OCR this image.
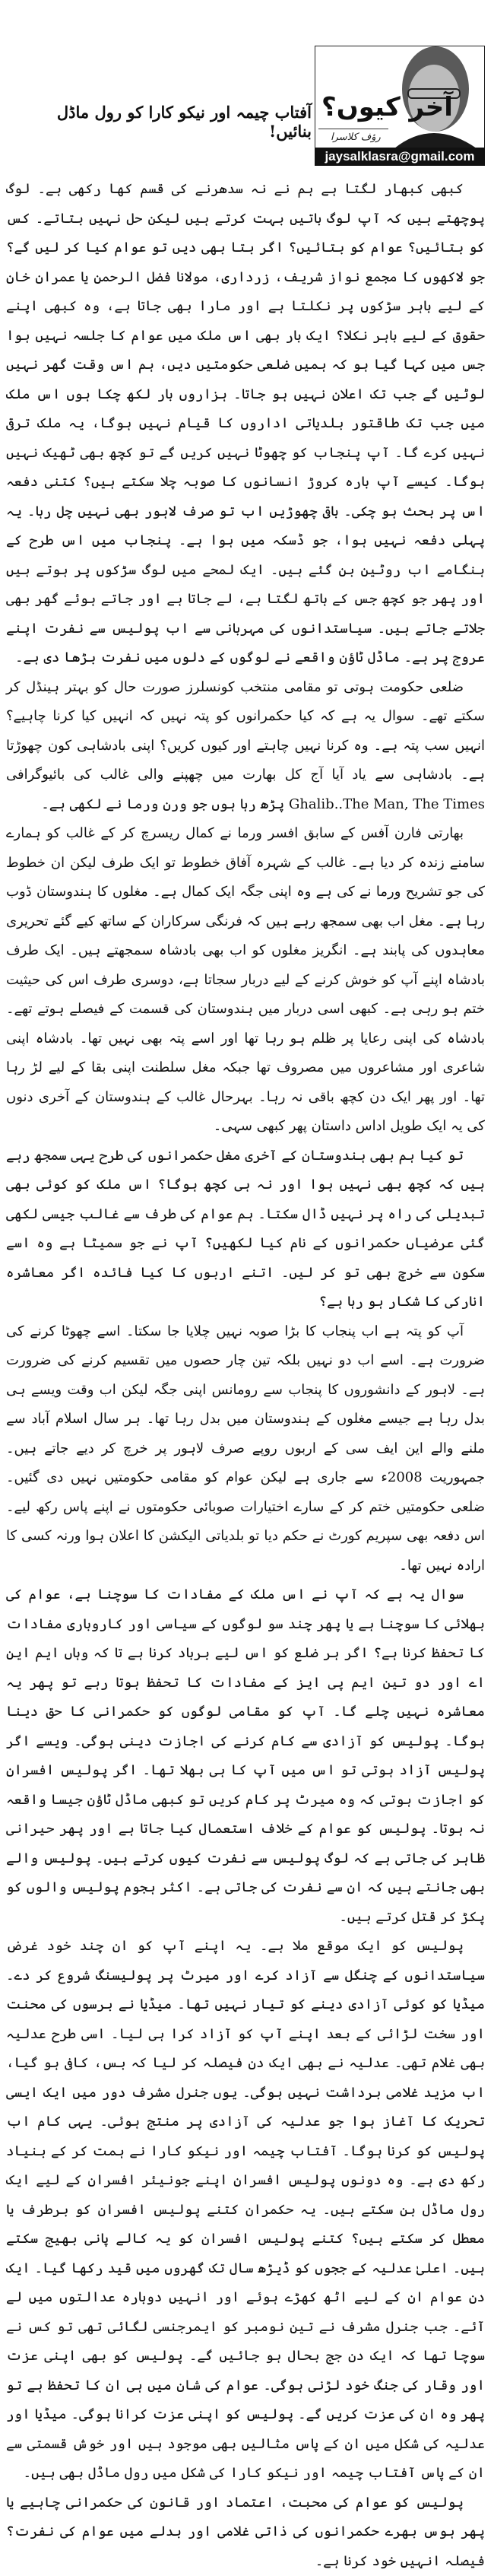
آخر کیوں؟
رؤف کلاسرا
jaysalklasra@gmail.com
آفتاب چیمہ اور نیکو کارا کو رول ماڈل بنائیں!

کبھی کبھار لگتا ہے ہم نے نہ سدھرنے کی قسم کھا رکھی ہے۔ لوگ پوچھتے ہیں کہ آپ لوگ باتیں بہت کرتے ہیں لیکن حل نہیں بتاتے۔ کس کو بتائیں؟ عوام کو بتائیں؟ اگر بتا بھی دیں تو عوام کیا کر لیں گے؟ جو لاکھوں کا مجمع نواز شریف، زرداری، مولانا فضل الرحمن یا عمران خان کے لیے باہر سڑکوں پر نکلتا ہے اور مارا بھی جاتا ہے، وہ کبھی اپنے حقوق کے لیے باہر نکلا؟ ایک بار بھی اس ملک میں عوام کا جلسہ نہیں ہوا جس میں کہا گیا ہو کہ ہمیں ضلعی حکومتیں دیں، ہم اس وقت گھر نہیں لوٹیں گے جب تک اعلان نہیں ہو جاتا۔ ہزاروں بار لکھ چکا ہوں اس ملک میں جب تک طاقتور بلدیاتی اداروں کا قیام نہیں ہوگا، یہ ملک ترقی نہیں کرے گا۔ آپ پنجاب کو چھوٹا نہیں کریں گے تو کچھ بھی ٹھیک نہیں ہوگا۔ کیسے آپ بارہ کروڑ انسانوں کا صوبہ چلا سکتے ہیں؟ کتنی دفعہ اس پر بحث ہو چکی۔ باقی چھوڑیں اب تو صرف لاہور بھی نہیں چل رہا۔ یہ پہلی دفعہ نہیں ہوا، جو ڈسکہ میں ہوا ہے۔ پنجاب میں اس طرح کے ہنگامے اب روٹین بن گئے ہیں۔ ایک لمحے میں لوگ سڑکوں پر ہوتے ہیں اور پھر جو کچھ جس کے ہاتھ لگتا ہے، لے جاتا ہے اور جاتے ہوئے گھر بھی جلاتے جاتے ہیں۔ سیاستدانوں کی مہربانی سے اب پولیس سے نفرت اپنے عروج پر ہے۔ ماڈل ٹاؤن واقعے نے لوگوں کے دلوں میں نفرت بڑھا دی ہے۔

ضلعی حکومت ہوتی تو مقامی منتخب کونسلرز صورت حال کو بہتر ہینڈل کر سکتے تھے۔ سوال یہ ہے کہ کیا حکمرانوں کو پتہ نہیں کہ انہیں کیا کرنا چاہیے؟ انہیں سب پتہ ہے۔ وہ کرنا نہیں چاہتے اور کیوں کریں؟ اپنی بادشاہی کون چھوڑتا ہے۔ بادشاہی سے یاد آیا آج کل بھارت میں چھپنے والی غالب کی بائیوگرافی Ghalib..The Man, The Times پڑھ رہا ہوں جو ورن ورما نے لکھی ہے۔

بھارتی فارن آفس کے سابق افسر ورما نے کمال ریسرچ کر کے غالب کو ہمارے سامنے زندہ کر دیا ہے۔ غالب کے شہرہ آفاق خطوط تو ایک طرف لیکن ان خطوط کی جو تشریح ورما نے کی ہے وہ اپنی جگہ ایک کمال ہے۔ مغلوں کا ہندوستان ڈوب رہا ہے۔ مغل اب بھی سمجھ رہے ہیں کہ فرنگی سرکاران کے ساتھ کیے گئے تحریری معاہدوں کی پابند ہے۔ انگریز مغلوں کو اب بھی بادشاہ سمجھتے ہیں۔ ایک طرف بادشاہ اپنے آپ کو خوش کرنے کے لیے دربار سجاتا ہے، دوسری طرف اس کی حیثیت ختم ہو رہی ہے۔ کبھی اسی دربار میں ہندوستان کی قسمت کے فیصلے ہوتے تھے۔ بادشاہ کی اپنی رعایا پر ظلم ہو رہا تھا اور اسے پتہ بھی نہیں تھا۔ بادشاہ اپنی شاعری اور مشاعروں میں مصروف تھا جبکہ مغل سلطنت اپنی بقا کے لیے لڑ رہا تھا۔ اور پھر ایک دن کچھ باقی نہ رہا۔ بہرحال غالب کے ہندوستان کے آخری دنوں کی یہ ایک طویل اداس داستان پھر کبھی سہی۔

تو کیا ہم بھی ہندوستان کے آخری مغل حکمرانوں کی طرح یہی سمجھ رہے ہیں کہ کچھ بھی نہیں ہوا اور نہ ہی کچھ ہوگا؟ اس ملک کو کوئی بھی تبدیلی کی راہ پر نہیں ڈال سکتا۔ ہم عوام کی طرف سے غالب جیسی لکھی گئی عرضیاں حکمرانوں کے نام کیا لکھیں؟ آپ نے جو سمیٹا ہے وہ اسے سکون سے خرچ بھی تو کر لیں۔ اتنے اربوں کا کیا فائدہ اگر معاشرہ انارکی کا شکار ہو رہا ہے؟

آپ کو پتہ ہے اب پنجاب کا بڑا صوبہ نہیں چلایا جا سکتا۔ اسے چھوٹا کرنے کی ضرورت ہے۔ اسے اب دو نہیں بلکہ تین چار حصوں میں تقسیم کرنے کی ضرورت ہے۔ لاہور کے دانشوروں کا پنجاب سے رومانس اپنی جگہ لیکن اب وقت ویسے ہی بدل رہا ہے جیسے مغلوں کے ہندوستان میں بدل رہا تھا۔ ہر سال اسلام آباد سے ملنے والے این ایف سی کے اربوں روپے صرف لاہور پر خرچ کر دیے جاتے ہیں۔ جمہوریت 2008ء سے جاری ہے لیکن عوام کو مقامی حکومتیں نہیں دی گئیں۔ ضلعی حکومتیں ختم کر کے سارے اختیارات صوبائی حکومتوں نے اپنے پاس رکھ لیے۔ اس دفعہ بھی سپریم کورٹ نے حکم دیا تو بلدیاتی الیکشن کا اعلان ہوا ورنہ کسی کا ارادہ نہیں تھا۔

سوال یہ ہے کہ آپ نے اس ملک کے مفادات کا سوچنا ہے، عوام کی بھلائی کا سوچنا ہے یا پھر چند سو لوگوں کے سیاسی اور کاروباری مفادات کا تحفظ کرنا ہے؟ اگر ہر ضلع کو اس لیے برباد کرنا ہے تا کہ وہاں ایم این اے اور دو تین ایم پی ایز کے مفادات کا تحفظ ہوتا رہے تو پھر یہ معاشرہ نہیں چلے گا۔ آپ کو مقامی لوگوں کو حکمرانی کا حق دینا ہوگا۔ پولیس کو آزادی سے کام کرنے کی اجازت دینی ہوگی۔ ویسے اگر پولیس آزاد ہوتی تو اس میں آپ کا ہی بھلا تھا۔ اگر پولیس افسران کو اجازت ہوتی کہ وہ میرٹ پر کام کریں تو کبھی ماڈل ٹاؤن جیسا واقعہ نہ ہوتا۔ پولیس کو عوام کے خلاف استعمال کیا جاتا ہے اور پھر حیرانی ظاہر کی جاتی ہے کہ لوگ پولیس سے نفرت کیوں کرتے ہیں۔ پولیس والے بھی جانتے ہیں کہ ان سے نفرت کی جاتی ہے۔ اکثر ہجوم پولیس والوں کو پکڑ کر قتل کرتے ہیں۔

پولیس کو ایک موقع ملا ہے۔ یہ اپنے آپ کو ان چند خود غرض سیاستدانوں کے چنگل سے آزاد کرے اور میرٹ پر پولیسنگ شروع کر دے۔ میڈیا کو کوئی آزادی دینے کو تیار نہیں تھا۔ میڈیا نے برسوں کی محنت اور سخت لڑائی کے بعد اپنے آپ کو آزاد کرا ہی لیا۔ اسی طرح عدلیہ بھی غلام تھی۔ عدلیہ نے بھی ایک دن فیصلہ کر لیا کہ بس، کافی ہو گیا، اب مزید غلامی برداشت نہیں ہوگی۔ یوں جنرل مشرف دور میں ایک ایسی تحریک کا آغاز ہوا جو عدلیہ کی آزادی پر منتج ہوئی۔ یہی کام اب پولیس کو کرنا ہوگا۔ آفتاب چیمہ اور نیکو کارا نے ہمت کر کے بنیاد رکھ دی ہے۔ وہ دونوں پولیس افسران اپنے جونیئر افسران کے لیے ایک رول ماڈل بن سکتے ہیں۔ یہ حکمران کتنے پولیس افسران کو برطرف یا معطل کر سکتے ہیں؟ کتنے پولیس افسران کو یہ کالے پانی بھیج سکتے ہیں۔ اعلیٰ عدلیہ کے ججوں کو ڈیڑھ سال تک گھروں میں قید رکھا گیا۔ ایک دن عوام ان کے لیے اٹھ کھڑے ہوئے اور انہیں دوبارہ عدالتوں میں لے آئے۔ جب جنرل مشرف نے تین نومبر کو ایمرجنسی لگائی تھی تو کس نے سوچا تھا کہ ایک دن جج بحال ہو جائیں گے۔ پولیس کو بھی اپنی عزت اور وقار کی جنگ خود لڑنی ہوگی۔ عوام کی شان میں ہی ان کا تحفظ ہے تو پھر وہ ان کی عزت کریں گے۔ پولیس کو اپنی عزت کرانا ہوگی۔ میڈیا اور عدلیہ کی شکل میں ان کے پاس مثالیں بھی موجود ہیں اور خوش قسمتی سے ان کے پاس آفتاب چیمہ اور نیکو کارا کی شکل میں رول ماڈل بھی ہیں۔

پولیس کو عوام کی محبت، اعتماد اور قانون کی حکمرانی چاہیے یا پھر ہوس بھرے حکمرانوں کی ذاتی غلامی اور بدلے میں عوام کی نفرت؟ فیصلہ انہیں خود کرنا ہے۔
